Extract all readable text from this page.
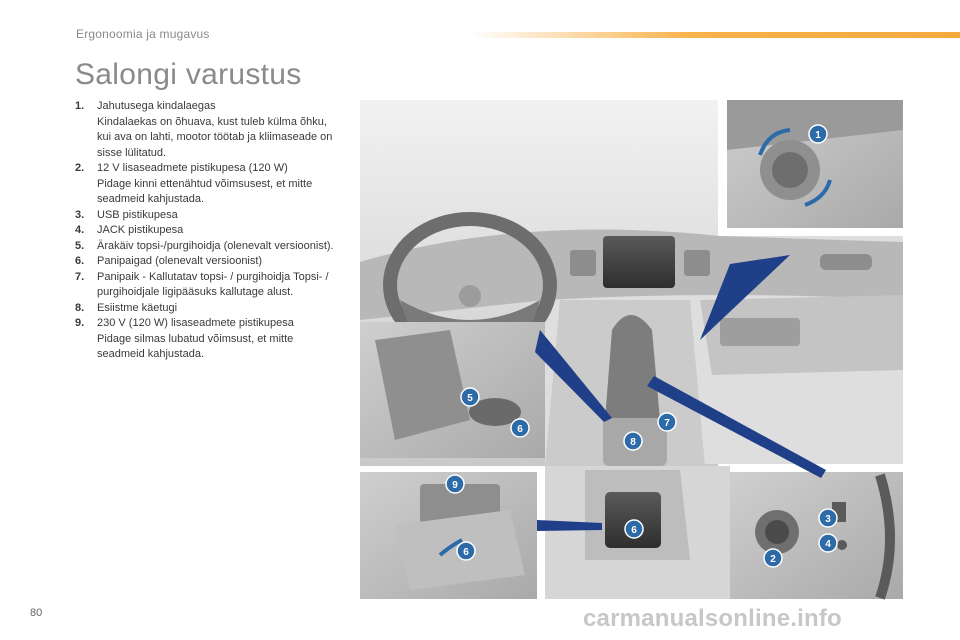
Ergonoomia ja mugavus
Salongi varustus
1.	Jahutusega kindalaegas
Kindalaekas on õhuava, kust tuleb külma õhku, kui ava on lahti, mootor töötab ja kliimaseade on sisse lülitatud.
2.	12 V lisaseadmete pistikupesa (120 W)
Pidage kinni ettenähtud võimsusest, et mitte seadmeid kahjustada.
3.	USB pistikupesa
4.	JACK pistikupesa
5.	Ärakäiv topsi-/purgihoidja (olenevalt versioonist).
6.	Panipaigad (olenevalt versioonist)
7.	Panipaik - Kallutatav topsi- / purgihoidja Topsi- / purgihoidjale ligipääsuks kallutage alust.
8.	Esiistme käetugi
9.	230 V (120 W) lisaseadmete pistikupesa
Pidage silmas lubatud võimsust, et mitte seadmeid kahjustada.
1
2
3
4
5
6
6
6
7
8
9
80	carmanualsonline.info
